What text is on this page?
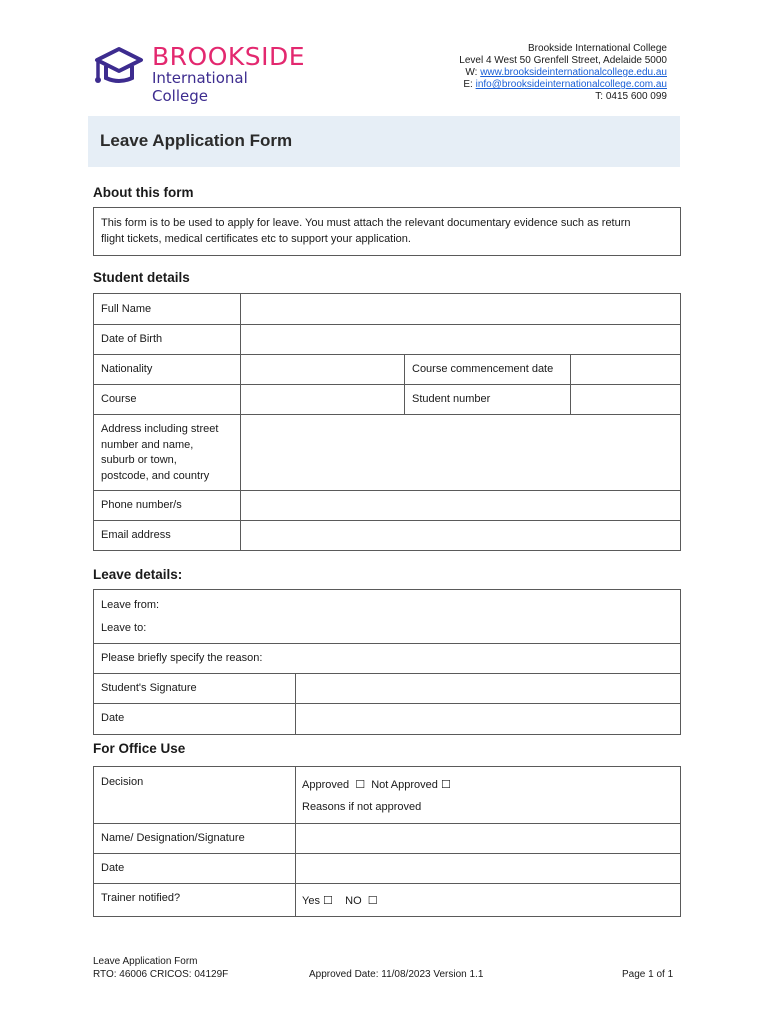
BROOKSIDE
International College
Brookside International College
Level 4 West 50 Grenfell Street, Adelaide 5000
W: www.brooksideinternationalcollege.edu.au
E: info@brooksideinternationalcollege.com.au
T: 0415 600 099
Leave Application Form
About this form
This form is to be used to apply for leave. You must attach the relevant documentary evidence such as return
flight tickets, medical certificates etc to support your application.
Student details
Full Name
Date of Birth
Nationality	Course commencement date
Course	Student number
Address including street
number and name,
suburb or town,
postcode, and country
Phone number/s
Email address
Leave details:
Leave from:
Leave to:
Please briefly specify the reason:
Student's Signature
Date
For Office Use
Decision	Approved ☐ Not Approved ☐
Reasons if not approved
Name/ Designation/Signature
Date
Trainer notified?	Yes ☐ NO ☐
Leave Application Form
RTO: 46006 CRICOS: 04129F	Approved Date: 11/08/2023 Version 1.1	Page 1 of 1
